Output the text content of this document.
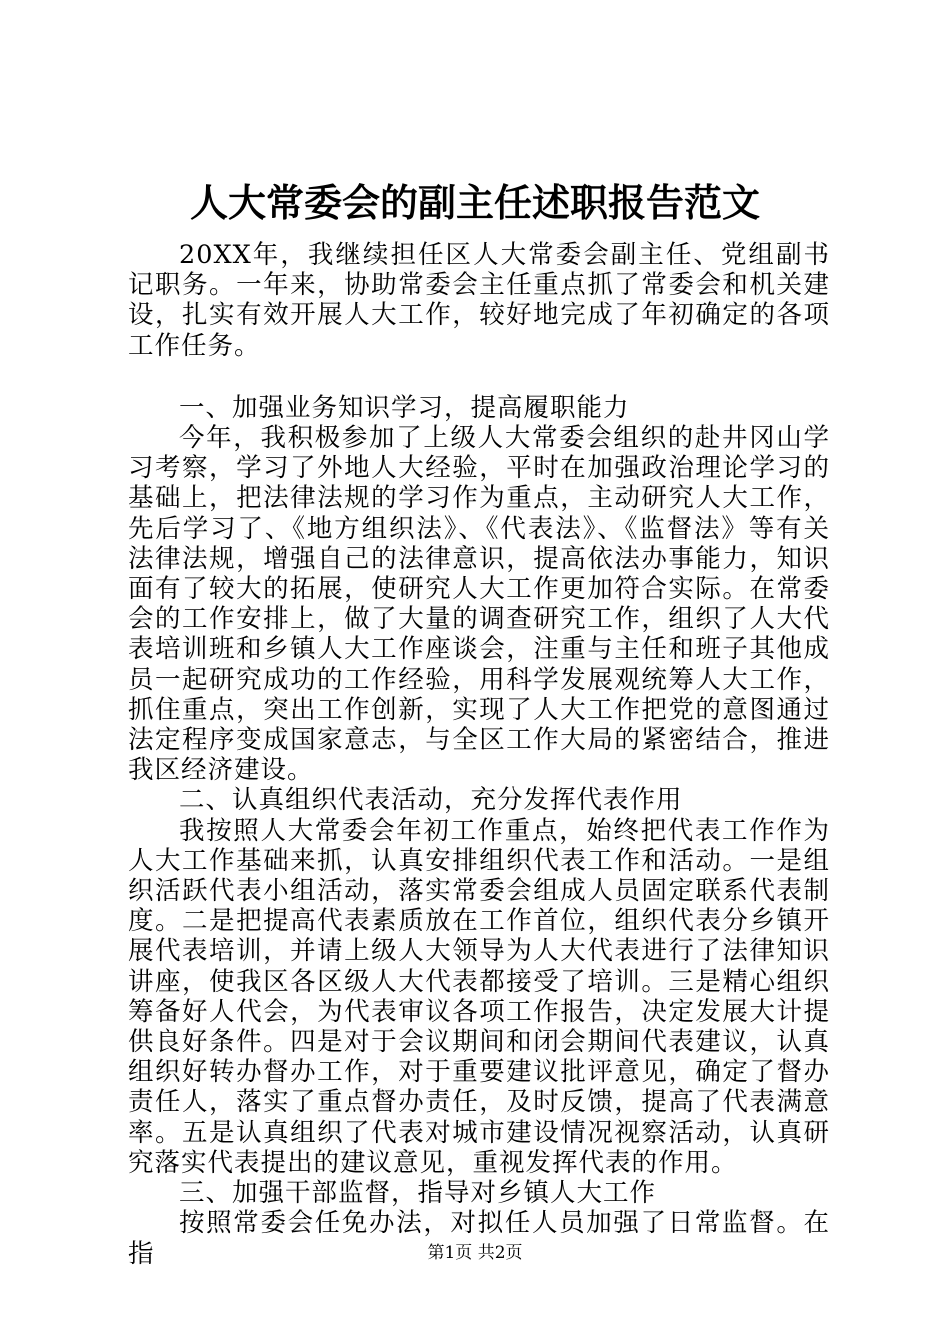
人大常委会的副主任述职报告范文

20XX年，我继续担任区人大常委会副主任、党组副书记职务。一年来，协助常委会主任重点抓了常委会和机关建设，扎实有效开展人大工作，较好地完成了年初确定的各项工作任务。

一、加强业务知识学习，提高履职能力

今年，我积极参加了上级人大常委会组织的赴井冈山学习考察，学习了外地人大经验，平时在加强政治理论学习的基础上，把法律法规的学习作为重点，主动研究人大工作，先后学习了、《地方组织法》、《代表法》、《监督法》等有关法律法规，增强自己的法律意识，提高依法办事能力，知识面有了较大的拓展，使研究人大工作更加符合实际。在常委会的工作安排上，做了大量的调查研究工作，组织了人大代表培训班和乡镇人大工作座谈会，注重与主任和班子其他成员一起研究成功的工作经验，用科学发展观统筹人大工作，抓住重点，突出工作创新，实现了人大工作把党的意图通过法定程序变成国家意志，与全区工作大局的紧密结合，推进我区经济建设。

二、认真组织代表活动，充分发挥代表作用

我按照人大常委会年初工作重点，始终把代表工作作为人大工作基础来抓，认真安排组织代表工作和活动。一是组织活跃代表小组活动，落实常委会组成人员固定联系代表制度。二是把提高代表素质放在工作首位，组织代表分乡镇开展代表培训，并请上级人大领导为人大代表进行了法律知识讲座，使我区各区级人大代表都接受了培训。三是精心组织筹备好人代会，为代表审议各项工作报告，决定发展大计提供良好条件。四是对于会议期间和闭会期间代表建议，认真组织好转办督办工作，对于重要建议批评意见，确定了督办责任人，落实了重点督办责任，及时反馈，提高了代表满意率。五是认真组织了代表对城市建设情况视察活动，认真研究落实代表提出的建议意见，重视发挥代表的作用。

三、加强干部监督，指导对乡镇人大工作

按照常委会任免办法，对拟任人员加强了日常监督。在指	第1页 共2页
